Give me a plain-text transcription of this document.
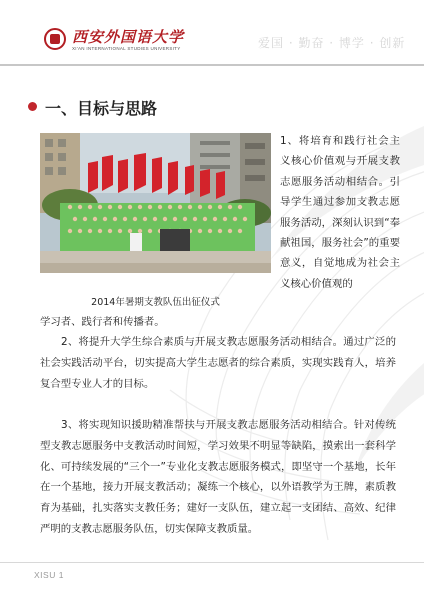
西安外国语大学
XI'AN INTERNATIONAL STUDIES UNIVERSITY	爱国 · 勤奋 · 博学 · 创新
一、目标与思路
2014年暑期支教队伍出征仪式
1、将培育和践行社会主义核心价值观与开展支教志愿服务活动相结合。引导学生通过参加支教志愿服务活动，深刻认识到“奉献祖国，服务社会”的重要意义，自觉地成为社会主义核心价值观的
学习者、践行者和传播者。
2、将提升大学生综合素质与开展支教志愿服务活动相结合。通过广泛的社会实践活动平台，切实提高大学生志愿者的综合素质，实现实践育人，培养复合型专业人才的目标。
3、将实现知识援助精准帮扶与开展支教志愿服务活动相结合。针对传统型支教志愿服务中支教活动时间短，学习效果不明显等缺陷，摸索出一套科学化、可持续发展的“三个一”专业化支教志愿服务模式，即坚守一个基地，长年在一个基地，接力开展支教活动；凝练一个核心，以外语教学为王牌，素质教育为基础，扎实落实支教任务；建好一支队伍，建立起一支团结、高效、纪律严明的支教志愿服务队伍，切实保障支教质量。
XISU 1
